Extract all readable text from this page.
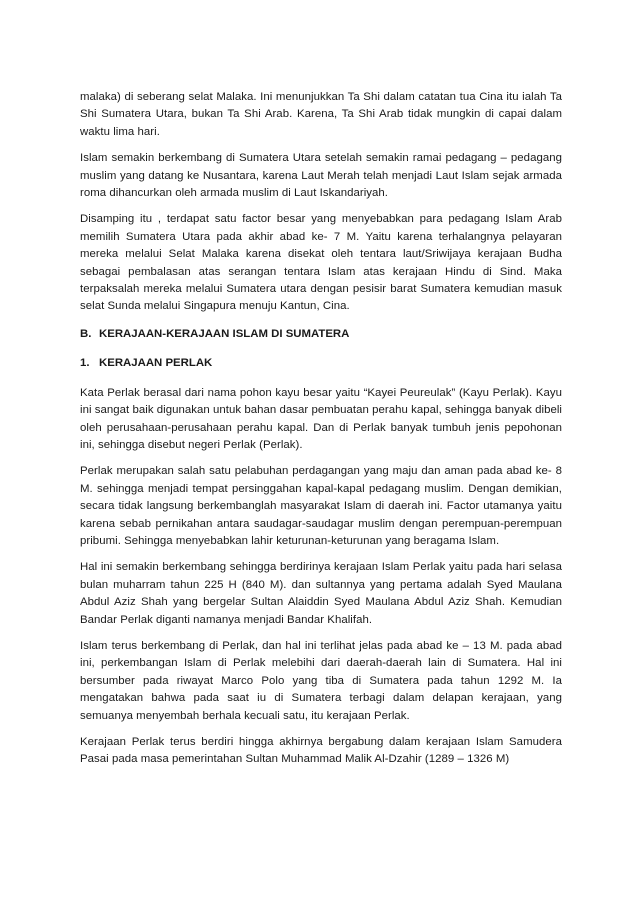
malaka) di seberang selat Malaka. Ini menunjukkan Ta Shi dalam catatan tua Cina itu ialah Ta Shi Sumatera Utara, bukan Ta Shi Arab. Karena, Ta Shi Arab tidak mungkin di capai dalam waktu lima hari.

Islam semakin berkembang di Sumatera Utara setelah semakin ramai pedagang – pedagang muslim yang datang ke Nusantara, karena Laut Merah telah menjadi Laut Islam sejak armada roma dihancurkan oleh armada muslim di Laut Iskandariyah.

Disamping itu , terdapat satu factor besar yang menyebabkan para pedagang Islam Arab memilih Sumatera Utara pada akhir abad ke- 7 M. Yaitu karena terhalangnya pelayaran mereka melalui Selat Malaka karena disekat oleh tentara laut/Sriwijaya kerajaan Budha sebagai pembalasan atas serangan tentara Islam atas kerajaan Hindu di Sind. Maka terpaksalah mereka melalui Sumatera utara dengan pesisir barat Sumatera kemudian masuk selat Sunda melalui Singapura menuju Kantun, Cina.

B. KERAJAAN-KERAJAAN ISLAM DI SUMATERA
1. KERAJAAN PERLAK

Kata Perlak berasal dari nama pohon kayu besar yaitu “Kayei Peureulak” (Kayu Perlak). Kayu ini sangat baik digunakan untuk bahan dasar pembuatan perahu kapal, sehingga banyak dibeli oleh perusahaan-perusahaan perahu kapal. Dan di Perlak banyak tumbuh jenis pepohonan ini, sehingga disebut negeri Perlak (Perlak).

Perlak merupakan salah satu pelabuhan perdagangan yang maju dan aman pada abad ke- 8 M. sehingga menjadi tempat persinggahan kapal-kapal pedagang muslim. Dengan demikian, secara tidak langsung berkembanglah masyarakat Islam di daerah ini. Factor utamanya yaitu karena sebab pernikahan antara saudagar-saudagar muslim dengan perempuan-perempuan pribumi. Sehingga menyebabkan lahir keturunan-keturunan yang beragama Islam.

Hal ini semakin berkembang sehingga berdirinya kerajaan Islam Perlak yaitu pada hari selasa bulan muharram tahun 225 H (840 M). dan sultannya yang pertama adalah Syed Maulana Abdul Aziz Shah yang bergelar Sultan Alaiddin Syed Maulana Abdul Aziz Shah. Kemudian Bandar Perlak diganti namanya menjadi Bandar Khalifah.

Islam terus berkembang di Perlak, dan hal ini terlihat jelas pada abad ke – 13 M. pada abad ini, perkembangan Islam di Perlak melebihi dari daerah-daerah lain di Sumatera. Hal ini bersumber pada riwayat Marco Polo yang tiba di Sumatera pada tahun 1292 M. Ia mengatakan bahwa pada saat iu di Sumatera terbagi dalam delapan kerajaan, yang semuanya menyembah berhala kecuali satu, itu kerajaan Perlak.

Kerajaan Perlak terus berdiri hingga akhirnya bergabung dalam kerajaan Islam Samudera Pasai pada masa pemerintahan Sultan Muhammad Malik Al-Dzahir (1289 – 1326 M)
